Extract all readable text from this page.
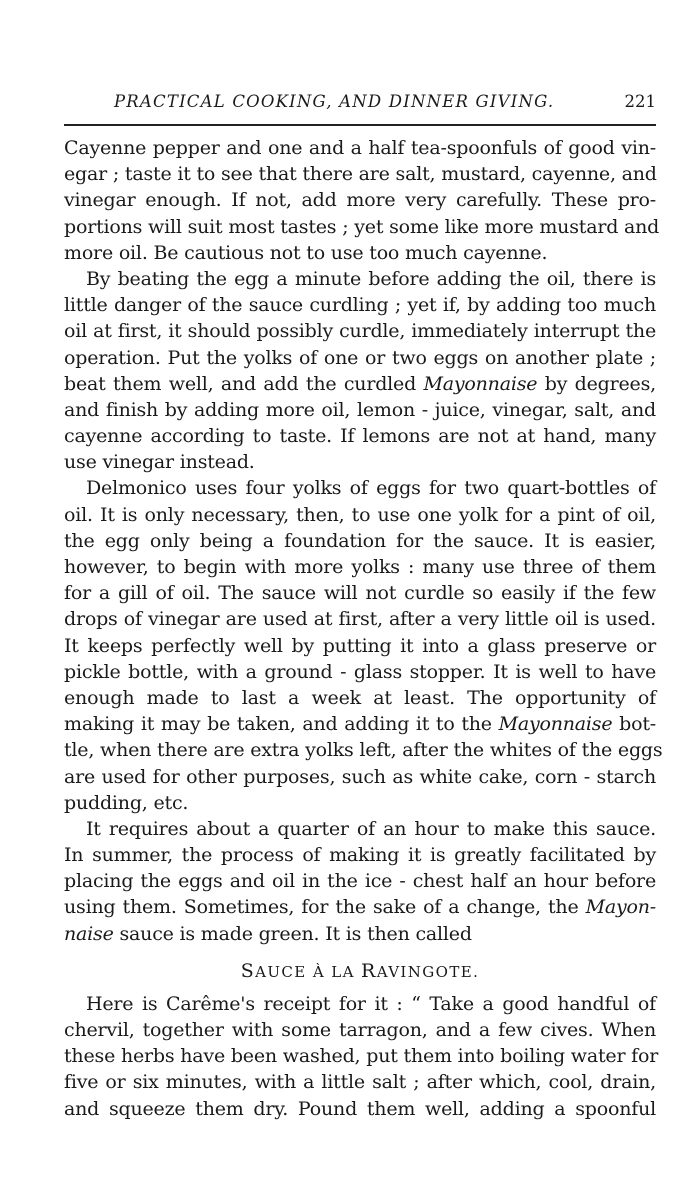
PRACTICAL COOKING, AND DINNER GIVING.	221
Cayenne pepper and one and a half tea-spoonfuls of good vin-
egar ; taste it to see that there are salt, mustard, cayenne, and
vinegar enough. If not, add more very carefully. These pro-
portions will suit most tastes ; yet some like more mustard and
more oil. Be cautious not to use too much cayenne.
By beating the egg a minute before adding the oil, there is
little danger of the sauce curdling ; yet if, by adding too much
oil at first, it should possibly curdle, immediately interrupt the
operation. Put the yolks of one or two eggs on another plate ;
beat them well, and add the curdled Mayonnaise by degrees,
and finish by adding more oil, lemon - juice, vinegar, salt, and
cayenne according to taste. If lemons are not at hand, many
use vinegar instead.
Delmonico uses four yolks of eggs for two quart-bottles of
oil. It is only necessary, then, to use one yolk for a pint of oil,
the egg only being a foundation for the sauce. It is easier,
however, to begin with more yolks : many use three of them
for a gill of oil. The sauce will not curdle so easily if the few
drops of vinegar are used at first, after a very little oil is used.
It keeps perfectly well by putting it into a glass preserve or
pickle bottle, with a ground - glass stopper. It is well to have
enough made to last a week at least. The opportunity of
making it may be taken, and adding it to the Mayonnaise bot-
tle, when there are extra yolks left, after the whites of the eggs
are used for other purposes, such as white cake, corn - starch
pudding, etc.
It requires about a quarter of an hour to make this sauce.
In summer, the process of making it is greatly facilitated by
placing the eggs and oil in the ice - chest half an hour before
using them. Sometimes, for the sake of a change, the Mayon-
naise sauce is made green. It is then called
SAUCE À LA RAVINGOTE.
Here is Carême's receipt for it : “ Take a good handful of
chervil, together with some tarragon, and a few cives. When
these herbs have been washed, put them into boiling water for
five or six minutes, with a little salt ; after which, cool, drain,
and squeeze them dry. Pound them well, adding a spoonful
